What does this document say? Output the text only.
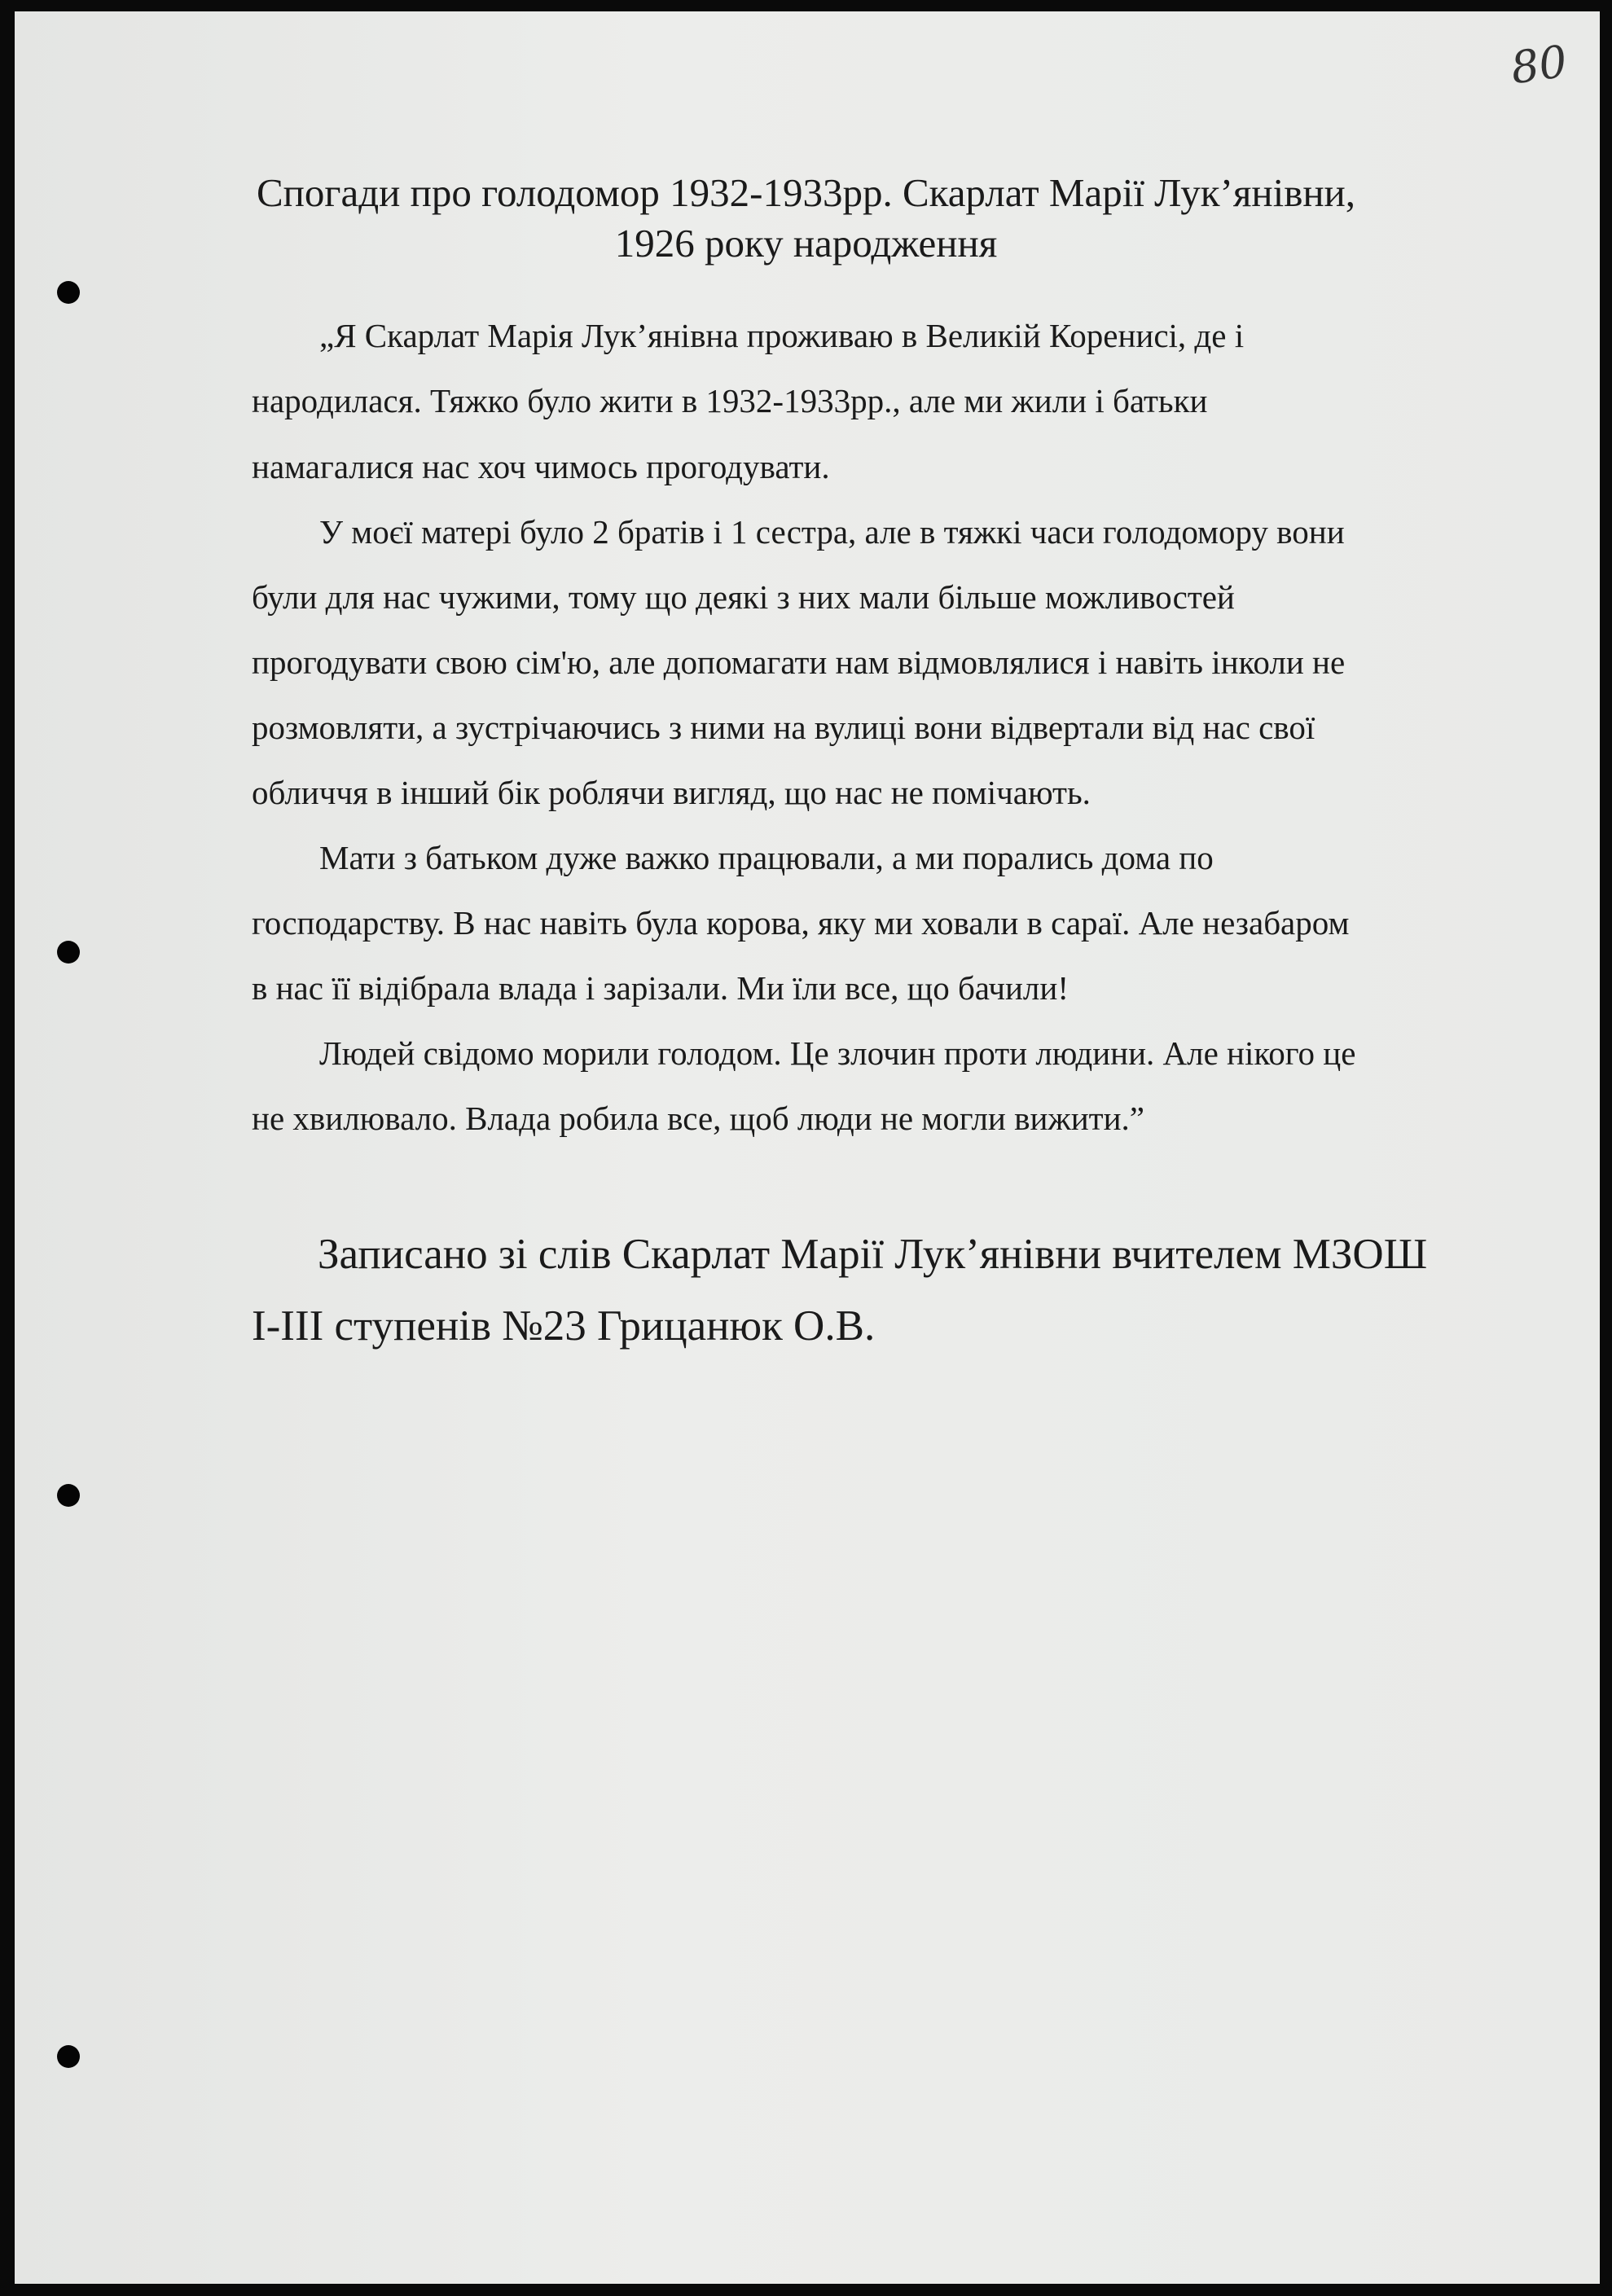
80
Спогади про голодомор 1932-1933рр. Скарлат Марії Лук’янівни,
1926 року народження
„Я Скарлат Марія Лук’янівна проживаю в Великій Коренисі, де і
народилася. Тяжко було жити в 1932-1933рр., але ми жили і батьки
намагалися нас хоч чимось прогодувати.
У моєї матері було 2 братів і 1 сестра, але в тяжкі часи голодомору вони
були для нас чужими, тому що деякі з них мали більше можливостей
прогодувати свою сім'ю, але допомагати нам відмовлялися і навіть інколи не
розмовляти, а зустрічаючись з ними на вулиці вони відвертали від нас свої
обличчя в інший бік роблячи вигляд, що нас не помічають.
Мати з батьком дуже важко працювали, а ми порались дома по
господарству. В нас навіть була корова, яку ми ховали в сараї. Але незабаром
в нас її відібрала влада і зарізали. Ми їли все, що бачили!
Людей свідомо морили голодом. Це злочин проти людини. Але нікого це
не хвилювало. Влада робила все, щоб люди не могли вижити.”
Записано зі слів Скарлат Марії Лук’янівни вчителем МЗОШ
І-ІІІ ступенів №23 Грицанюк О.В.
